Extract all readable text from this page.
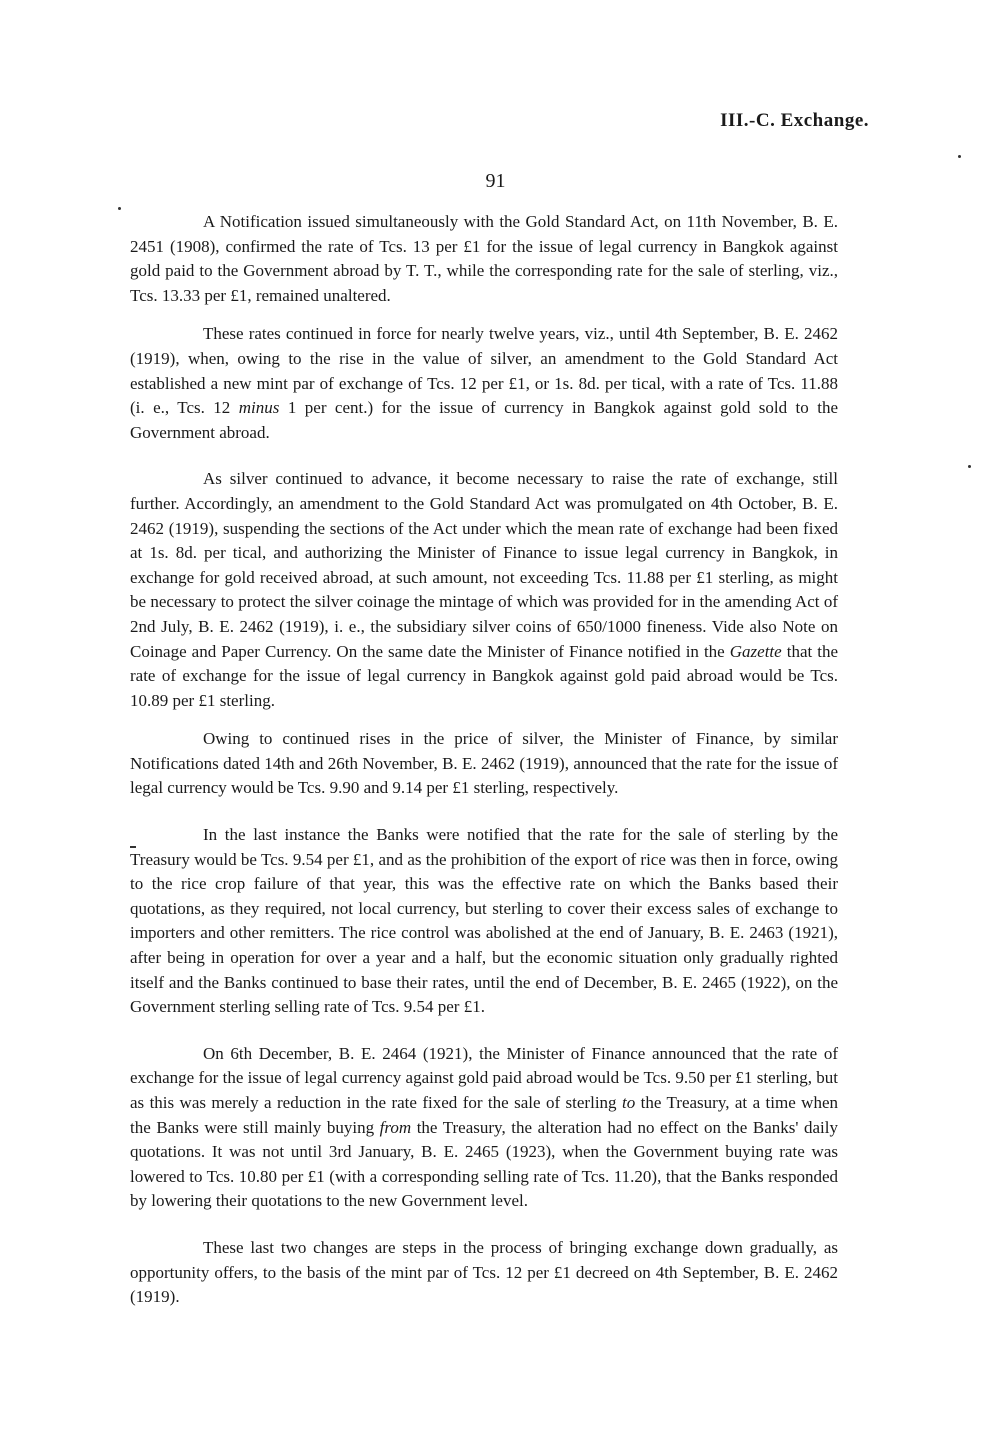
III.-C. Exchange.
91

A Notification issued simultaneously with the Gold Standard Act, on 11th November, B. E. 2451 (1908), confirmed the rate of Tcs. 13 per £1 for the issue of legal currency in Bangkok against gold paid to the Government abroad by T. T., while the corresponding rate for the sale of sterling, viz., Tcs. 13.33 per £1, remained unaltered.

These rates continued in force for nearly twelve years, viz., until 4th September, B. E. 2462 (1919), when, owing to the rise in the value of silver, an amendment to the Gold Standard Act established a new mint par of exchange of Tcs. 12 per £1, or 1s. 8d. per tical, with a rate of Tcs. 11.88 (i. e., Tcs. 12 minus 1 per cent.) for the issue of currency in Bangkok against gold sold to the Government abroad.

As silver continued to advance, it become necessary to raise the rate of exchange, still further. Accordingly, an amendment to the Gold Standard Act was promulgated on 4th October, B. E. 2462 (1919), suspending the sections of the Act under which the mean rate of exchange had been fixed at 1s. 8d. per tical, and authorizing the Minister of Finance to issue legal currency in Bangkok, in exchange for gold received abroad, at such amount, not exceeding Tcs. 11.88 per £1 sterling, as might be necessary to protect the silver coinage the mintage of which was provided for in the amending Act of 2nd July, B. E. 2462 (1919), i. e., the subsidiary silver coins of 650/1000 fineness. Vide also Note on Coinage and Paper Currency. On the same date the Minister of Finance notified in the Gazette that the rate of exchange for the issue of legal currency in Bangkok against gold paid abroad would be Tcs. 10.89 per £1 sterling.

Owing to continued rises in the price of silver, the Minister of Finance, by similar Notifications dated 14th and 26th November, B. E. 2462 (1919), announced that the rate for the issue of legal currency would be Tcs. 9.90 and 9.14 per £1 sterling, respectively.

In the last instance the Banks were notified that the rate for the sale of sterling by the Treasury would be Tcs. 9.54 per £1, and as the prohibition of the export of rice was then in force, owing to the rice crop failure of that year, this was the effective rate on which the Banks based their quotations, as they required, not local currency, but sterling to cover their excess sales of exchange to importers and other remitters. The rice control was abolished at the end of January, B. E. 2463 (1921), after being in operation for over a year and a half, but the economic situation only gradually righted itself and the Banks continued to base their rates, until the end of December, B. E. 2465 (1922), on the Government sterling selling rate of Tcs. 9.54 per £1.

On 6th December, B. E. 2464 (1921), the Minister of Finance announced that the rate of exchange for the issue of legal currency against gold paid abroad would be Tcs. 9.50 per £1 sterling, but as this was merely a reduction in the rate fixed for the sale of sterling to the Treasury, at a time when the Banks were still mainly buying from the Treasury, the alteration had no effect on the Banks' daily quotations. It was not until 3rd January, B. E. 2465 (1923), when the Government buying rate was lowered to Tcs. 10.80 per £1 (with a corresponding selling rate of Tcs. 11.20), that the Banks responded by lowering their quotations to the new Government level.

These last two changes are steps in the process of bringing exchange down gradually, as opportunity offers, to the basis of the mint par of Tcs. 12 per £1 decreed on 4th September, B. E. 2462 (1919).
